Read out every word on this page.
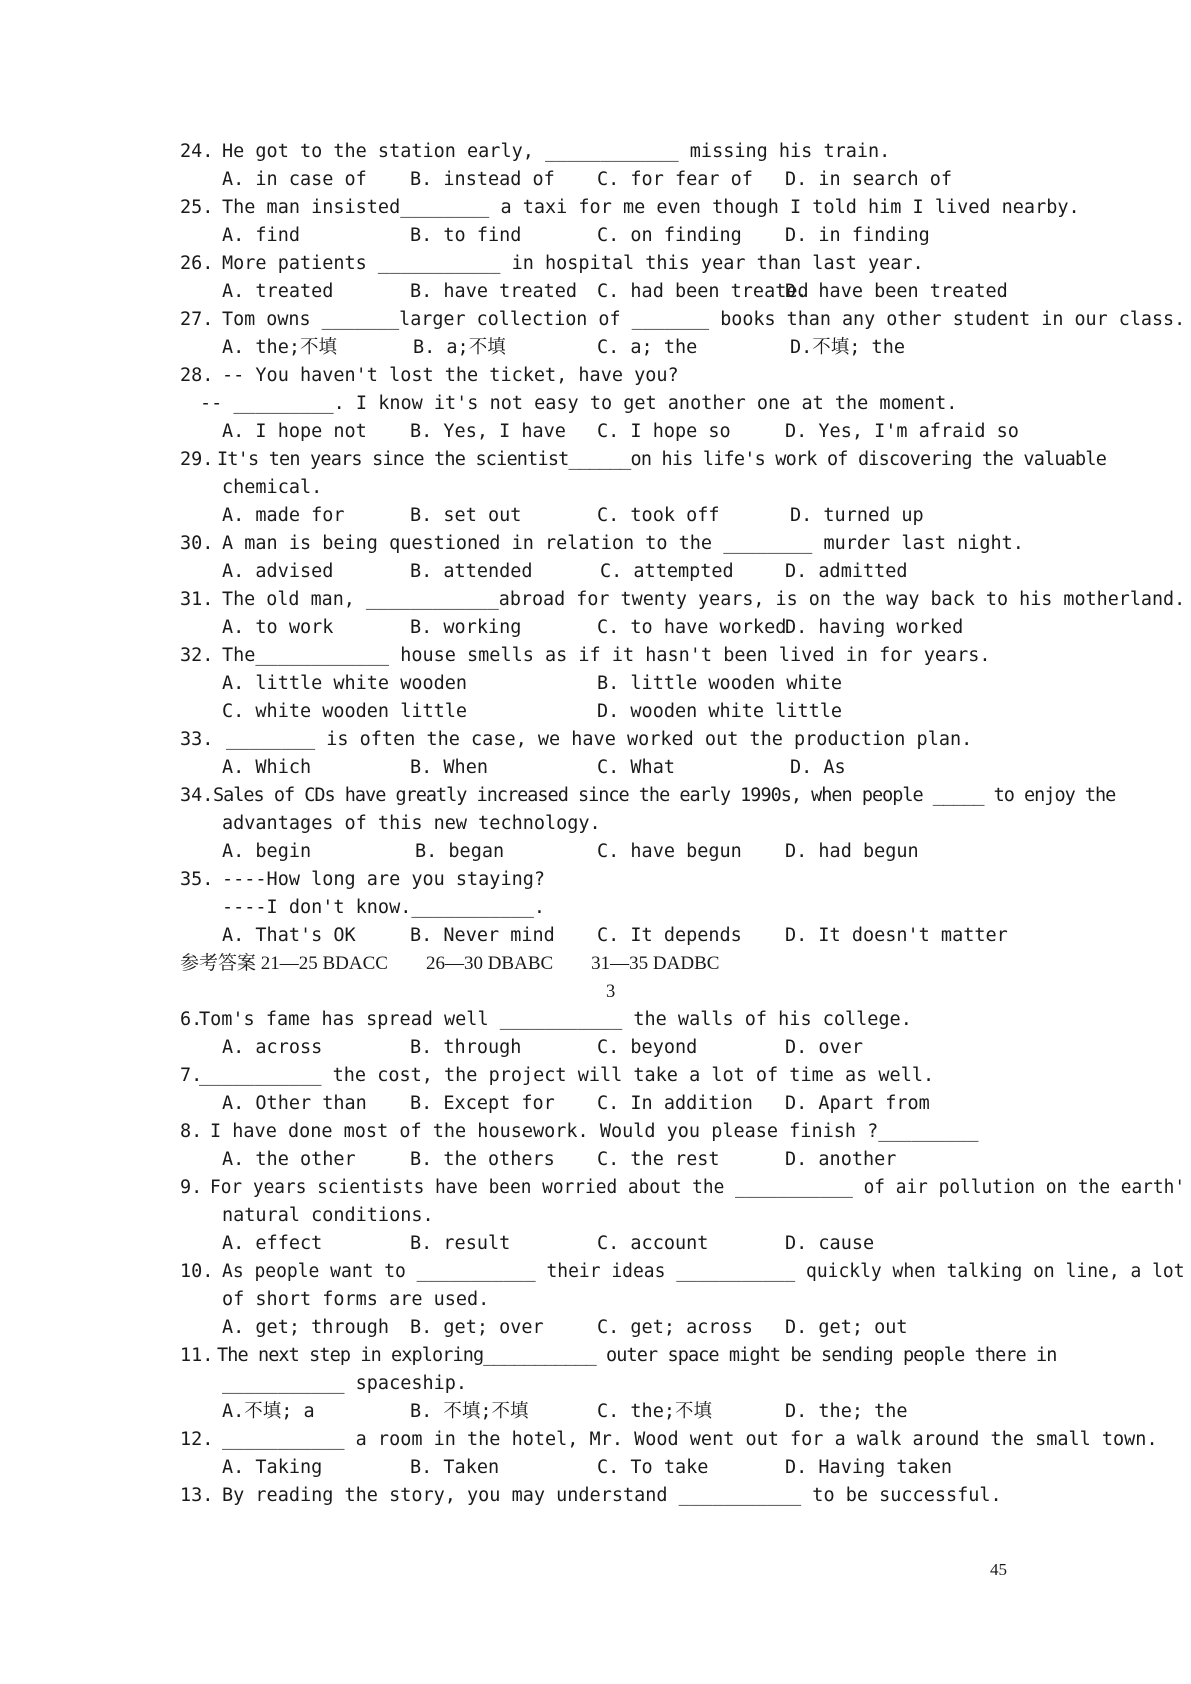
24. He got to the station early, ____________ missing his train.
A. in case of B. instead of C. for fear of D. in search of
25. The man insisted________ a taxi for me even though I told him I lived nearby.
A. find	B. to find	C. on finding D. in finding
26. More patients ___________ in hospital this year than last year.
A. treated	B. have treated C. had been treated
D. have been treated
27. Tom owns _______larger collection of _______ books than any other student in our class.
A. the;不填	B. a;不填	C. a; the	D.不填; the
28. -- You haven't lost the ticket, have you?
-- _________. I know it's not easy to get another one at the moment.
A. I hope not B. Yes, I have C. I hope so	D. Yes, I'm afraid so
29. It's ten years since the scientist______on his life's work of discovering the valuable
chemical.
A. made for	B. set out	C. took off	D. turned up
30. A man is being questioned in relation to the ________ murder last night.
A. advised	B. attended	C. attempted	D. admitted
31. The old man, ____________abroad for twenty years, is on the way back to his motherland.
A. to work	B. working	C. to have worked
D. having worked
32. The____________ house smells as if it hasn't been lived in for years.
A. little white wooden	B. little wooden white
C. white wooden little	D. wooden white little
33. ________ is often the case, we have worked out the production plan.
A. Which	B. When	C. What	D. As
34. Sales of CDs have greatly increased since the early 1990s, when people _____ to enjoy the
advantages of this new technology.
A. begin	B. began	C. have begun D. had begun
35. ----How long are you staying?
----I don't know.___________.
A. That's OK	B. Never mind C. It depends D. It doesn't matter
参考答案 21—25 BDACC        26—30 DBABC        31—35 DADBC
3
6.
Tom's fame has spread well ___________ the walls of his college.
A. across	B. through	C. beyond	D. over
7.
___________ the cost, the project will take a lot of time as well.
A. Other than B. Except for C. In addition D. Apart from
8. I have done most of the housework. Would you please finish ?_________
A. the other	B. the others C. the rest	D. another
9. For years scientists have been worried about the ___________ of air pollution on the earth'
natural conditions.
A. effect	B. result	C. account	D. cause
10. As people want to ___________ their ideas ___________ quickly when talking on line, a lot
of short forms are used.
A. get; through B. get; over	C. get; across D. get; out
11. The next step in exploring___________ outer space might be sending people there in
___________ spaceship.
A.不填; a	B. 不填;不填	C. the;不填	D. the; the
12. ___________ a room in the hotel, Mr. Wood went out for a walk around the small town.
A. Taking	B. Taken	C. To take	D. Having taken
13. By reading the story, you may understand ___________ to be successful.
45
